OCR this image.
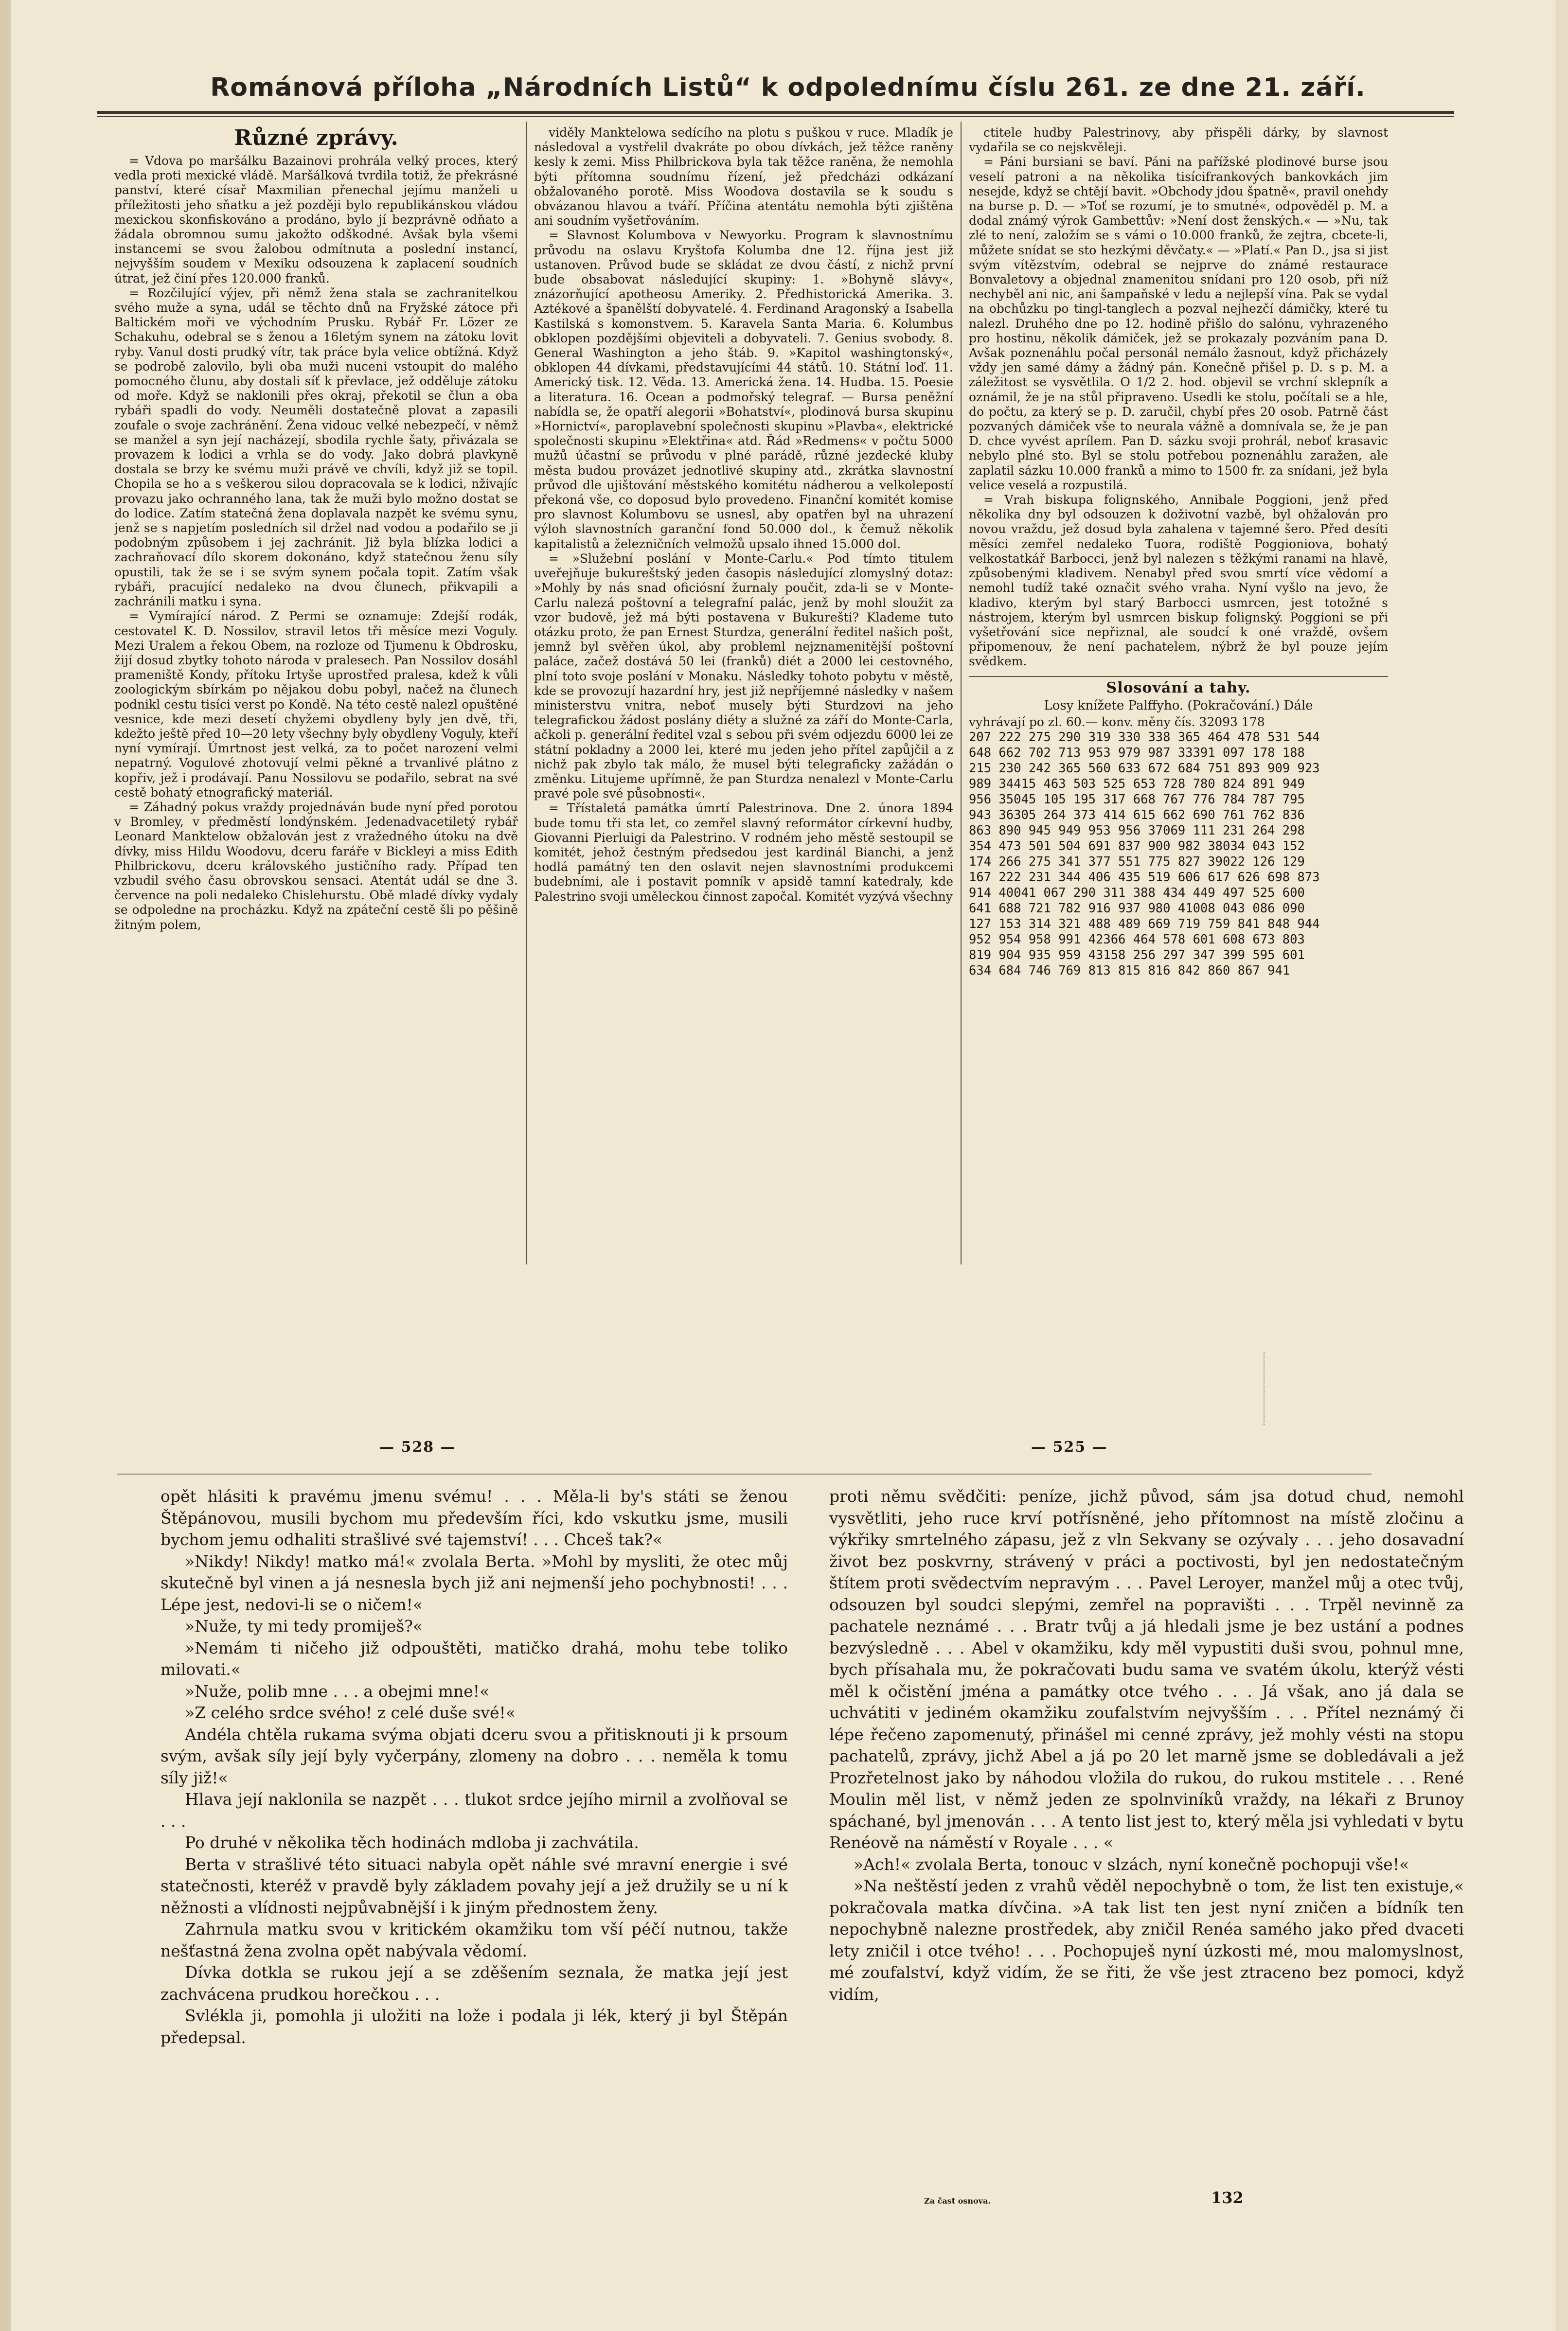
Románová příloha „Národních Listů“ k odpolednímu číslu 261. ze dne 21. září.
Různé zprávy.

= Vdova po maršálku Bazainovi prohrála velký proces, který vedla proti mexické vládě. Maršálková tvrdila totiž, že překrásné panství, které císař Maxmilian přenechal jejímu manželi u příležitosti jeho sňatku a jež později bylo republikánskou vládou mexickou skonfiskováno a prodáno, bylo jí bezprávně odňato a žádala obromnou sumu jakožto odškodné. Avšak byla všemi instancemi se svou žalobou odmítnuta a poslední instancí, nejvyšším soudem v Mexiku odsouzena k zaplacení soudních útrat, jež činí přes 120.000 franků.

= Rozčilující výjev, při němž žena stala se zachranitelkou svého muže a syna, udál se těchto dnů na Fryžské zátoce při Baltickém moři ve východním Prusku. Rybář Fr. Lözer ze Schakuhu, odebral se s ženou a 16letým synem na zátoku lovit ryby. Vanul dosti prudký vítr, tak práce byla velice obtížná. Když se podrobě zalovilo, byli oba muži nuceni vstoupit do malého pomocného člunu, aby dostali síť k převlace, jež oddělujе zátoku od moře. Když se naklonili přes okraj, překotil se člun a oba rybáři spadli do vody. Neuměli dostatečně plovat a zapasili zoufale o svoje zachránění. Žena vidouc velké nebezpečí, v němž se manžel a syn její nacházejí, sbodila rychle šaty, přivázala se provazem k lodici a vrhla se do vody. Jako dobrá plavkyně dostala se brzy ke svému muži právě ve chvíli, když již se topil. Chopila se ho a s veškerou silou dopracovala se k lodici, nživajíc provazu jako ochranného lana, tak že muži bylo možno dostat se do lodice. Zatím statečná žena doplavala nazpět ke svému synu, jenž se s napjetím posledních sil držel nad vodou a podařilo se ji podobným způsobem i jej zachránit. Již byla blízka lodici a zachraňovací dílo skorem dokonáno, když statečnou ženu síly opustili, tak že se i se svým synem počala topit. Zatím však rybáři, pracující nedaleko na dvou člunech, přikvapili a zachránili matku i syna.

= Vymírající národ. Z Permi se oznamuje: Zdejší rodák, cestovatel K. D. Nossilov, stravil letos tři měsíce mezi Voguly. Mezi Uralem a řekou Obem, na rozloze od Tjumenu k Obdrosku, žijí dosud zbytky tohoto národa v pralesech. Pan Nossilov dosáhl prameniště Kondy, přítoku Irtyše uprostřed pralesa, kdež k vůli zoologickým sbírkám po nějakou dobu pobyl, načež na člunech podnikl cestu tisíci verst po Kondě. Na této cestě nalezl opuštěné vesnice, kde mezi desetí chyžemi obydleny byly jen dvě, tři, kdežto ještě před 10—20 lety všechny byly obydleny Voguly, kteří nyní vymírají. Úmrtnost jest velká, za to počet narození velmi nepatrný. Vogulové zhotovují velmi pěkné a trvanlivé plátno z kopřiv, jež i prodávají. Panu Nossilovu se podařilo, sebrat na své cestě bohatý etnografický materiál.

= Záhadný pokus vraždy projednáván bude nyní před porotou v Bromley, v předměstí londýnském. Jedenadvacetiletý rybář Leonard Manktelow obžalován jest z vražedného útoku na dvě dívky, miss Hildu Woodovu, dceru faráře v Bickleyi a miss Edith Philbrickovu, dceru královského justičního rady. Případ ten vzbudil svého času obrovskou sensaci. Atentát udál se dne 3. července na poli nedaleko Chislehurstu. Obě mladé dívky vydaly se odpoledne na procházku. Když na zpáteční cestě šli po pěšině žitným polem,

viděly Manktelowa sedícího na plotu s puškou v ruce. Mladík je následoval a vystřelil dvakráte po obou dívkách, jež těžce raněny kesly k zemi. Miss Philbrickova byla tak těžce raněna, že nemohla býti přítomna soudnímu řízení, jež předcházi odkázaní obžalovaného porotě. Miss Woodova dostavila se k soudu s obvázanou hlavou a tváří. Příčina atentátu nemohla býti zjištěna ani soudním vyšetřováním.

= Slavnost Kolumbova v Newyorku. Program k slavnostnímu průvodu na oslavu Kryštofa Kolumba dne 12. října jest již ustanoven. Průvod bude se skládat ze dvou částí, z nichž první bude obsabovat následující skupiny: 1. »Bohyně slávy«, znázorňující apotheosu Ameriky. 2. Předhistorická Amerika. 3. Aztékové a španělští dobyvatelé. 4. Ferdinand Aragonský a Isabella Kastilská s komonstvem. 5. Karavela Santa Maria. 6. Kolumbus obklopen pozdějšími objeviteli a dobyvateli. 7. Genius svobody. 8. General Washington a jeho štáb. 9. »Kapitol washingtonský«, obklopen 44 dívkami, představujícími 44 států. 10. Státní loď. 11. Americký tisk. 12. Věda. 13. Americká žena. 14. Hudba. 15. Poesie a literatura. 16. Ocean a podmořský telegraf. — Bursa peněžní nabídla se, že opatří alegorii »Bohatství«, plodinová bursa skupinu »Hornictví«, paroplavební společnosti skupinu »Plavba«, elektrické společnosti skupinu »Elektřina« atd. Řád »Redmens« v počtu 5000 mužů účastní se průvodu v plné parádě, různé jezdecké kluby města budou provázet jednotlivé skupiny atd., zkrátka slavnostní průvod dle ujištování městského komitétu nádherou a velkolepostí překoná vše, co doposud bylo provedeno. Finanční komitét komise pro slavnost Kolumbovu se usnesl, aby opatřen byl na uhrazení výloh slavnostních garanční fond 50.000 dol., k čemuž několik kapitalistů a železničních velmožů upsalo ihned 15.000 dol.

= »Služební poslání v Monte-Carlu.« Pod tímto titulem uveřejňuje bukureštský jeden časopis následující zlomyslný dotaz: »Mohly by nás snad oficiósní žurnaly poučit, zda-li se v Monte-Carlu nalezá poštovní a telegrafní palác, jenž by mohl sloužit za vzor budově, jež má býti postavena v Bukurešti? Klademe tuto otázku proto, že pan Ernest Sturdza, generální ředitel našich pošt, jemnž byl svěřen úkol, aby probleml nejznamenitější poštovní paláce, začež dostává 50 lei (franků) diét a 2000 lei cestovného, plní toto svoje poslání v Monaku. Následky tohoto pobytu v městě, kde se provozují hazardní hry, jest již nepříjemné následky v našem ministerstvu vnitra, neboť musely býti Sturdzovi na jeho telegrafickou žádost poslány diéty a služné za září do Monte-Carla, ačkoli p. generální ředitel vzal s sebou při svém odjezdu 6000 lei ze státní pokladny a 2000 lei, které mu jeden jeho přítel zapůjčil a z nichž pak zbylo tak málo, že musel býti telegraficky zažádán o změnku. Litujeme upřímně, že pan Sturdza nenalezl v Monte-Carlu pravé pole své působnosti«.

= Třístaletá památka úmrtí Palestrinova. Dne 2. února 1894 bude tomu tři sta let, co zemřel slavný reformátor církevní hudby, Giovanni Pierluigi da Palestrino. V rodném jeho městě sestoupil se komitét, jehož čestným předsedou jest kardinál Bianchi, a jenž hodlá památný ten den oslavit nejen slavnostními produkcemi budebními, ale i postavit pomník v apsidě tamní katedraly, kde Palestrino svoji uměleckou činnost započal. Komitét vyzývá všechny

ctitele hudby Palestrinovy, aby přispěli dárky, by slavnost vydařila se co nejskvěleji.

= Páni bursiani se baví. Páni na pařížské plodinové burse jsou veselí patroni a na několika tisícifrankových bankovkách jim nesejde, když se chtějí bavit. »Obchody jdou špatně«, pravil onehdy na burse p. D. — »Toť se rozumí, je to smutné«, odpověděl p. M. a dodal známý výrok Gambettův: »Není dost ženských.« — »Nu, tak zlé to není, založím se s vámi o 10.000 franků, že zejtra, cbcete-li, můžete snídat se sto hezkými děvčaty.« — »Platí.« Pan D., jsa si jist svým vítězstvím, odebral se nejprve do známé restaurace Bonvaletovy a objednal znamenitou snídani pro 120 osob, při níž nechyběl ani nic, ani šampaňské v ledu a nejlepší vína. Pak se vydal na obchůzku po tingl-tanglech a pozval nejhezčí dámičky, které tu nalezl. Druhého dne po 12. hodině přišlo do salónu, vyhrazeného pro hostinu, několik dámiček, jež se prokazaly pozváním pana D. Avšak poznenáhlu počal personál nemálo žasnout, když přicházely vždy jen samé dámy a žádný pán. Konečně přišel p. D. s p. M. a záležitost se vysvětlila. O 1/2 2. hod. objevil se vrchní sklepník a oznámil, že je na stůl připraveno. Usedli ke stolu, počítali se a hle, do počtu, za který se p. D. zaručil, chybí přes 20 osob. Patrně část pozvaných dámiček vše to neurala vážně a domnívala se, že je pan D. chce vyvést aprílem. Pan D. sázku svoji prohrál, neboť krasavic nebylo plné sto. Byl se stolu potřebou poznenáhlu zaražen, ale zaplatil sázku 10.000 franků a mimo to 1500 fr. za snídani, jež byla velice veselá a rozpustilá.

= Vrah biskupa folignského, Annibale Poggioni, jenž před několika dny byl odsouzen k doživotní vazbě, byl ohžalován pro novou vraždu, jež dosud byla zahalena v tajemné šero. Před desíti měsíci zemřel nedaleko Tuora, rodiště Poggioniova, bohatý velkostatkář Barbocci, jenž byl nalezen s těžkými ranami na hlavě, způsobenými kladivem. Nenabyl před svou smrtí více vědomí a nemohl tudíž také označit svého vraha. Nyní vyšlo na jevo, že kladivo, kterým byl starý Barbocci usmrcen, jest totožné s nástrojem, kterým byl usmrcen biskup folignský. Poggioni se při vyšetřování sice nepřiznal, ale soudcí k oné vraždě, ovšem připomenouv, že není pachatelem, nýbrž že byl pouze jejím svědkem.

Slosování a tahy.
Losy knížete Palffyho. (Pokračování.) Dále
vyhrávají po zl. 60.— konv. měny čís. 32093 178
207 222 275 290 319 330 338 365 464 478 531 544
648 662 702 713 953 979 987 33391 097 178 188
215 230 242 365 560 633 672 684 751 893 909 923
989 34415 463 503 525 653 728 780 824 891 949
956 35045 105 195 317 668 767 776 784 787 795
943 36305 264 373 414 615 662 690 761 762 836
863 890 945 949 953 956 37069 111 231 264 298
354 473 501 504 691 837 900 982 38034 043 152
174 266 275 341 377 551 775 827 39022 126 129
167 222 231 344 406 435 519 606 617 626 698 873
914 40041 067 290 311 388 434 449 497 525 600
641 688 721 782 916 937 980 41008 043 086 090
127 153 314 321 488 489 669 719 759 841 848 944
952 954 958 991 42366 464 578 601 608 673 803
819 904 935 959 43158 256 297 347 399 595 601
634 684 746 769 813 815 816 842 860 867 941
— 528 —	— 525 —

opět hlásiti k pravému jmenu svému! . . . Měla-li by's státi se ženou Štěpánovou, musili bychom mu především říci, kdo vskutku jsme, musili bychom jemu odhaliti strašlivé své tajemství! . . . Chceš tak?«

»Nikdy! Nikdy! matko má!« zvolala Berta. »Mohl by mysliti, že otec můj skutečně byl vinen a já nesnesla bych již ani nejmenší jeho pochybnosti! . . . Lépe jest, nedovi-li se o ničem!«

»Nuže, ty mi tedy promiješ?«

»Nemám ti ničeho již odpouštěti, matičko drahá, mohu tebe toliko milovati.«

»Nuže, polib mne . . . a obejmi mne!«

»Z celého srdce svého! z celé duše své!«

Andéla chtěla rukama svýma objati dceru svou a přitisknouti ji k prsoum svým, avšak síly její byly vyčerpány, zlomeny na dobro . . . neměla k tomu síly již!«

Hlava její naklonila se nazpět . . . tlukot srdce jejího mirnil a zvolňoval se . . .

Po druhé v několika těch hodinách mdloba ji zachvátila.

Berta v strašlivé této situaci nabyla opět náhle své mravní energie i své statečnosti, kteréž v pravdě byly základem povahy její a jež družily se u ní k něžnosti a vlídnosti nejpůvabnější i k jiným přednostem ženy.

Zahrnula matku svou v kritickém okamžiku tom vší péčí nutnou, takže nešťastná žena zvolna opět nabývala vědomí.

Dívka dotkla se rukou její a se zděšením seznala, že matka její jest zachvácena prudkou horečkou . . .

Svlékla ji, pomohla ji uložiti na lože i podala ji lék, který ji byl Štěpán předepsal.

proti němu svědčiti: peníze, jichž původ, sám jsa dotud chud, nemohl vysvětliti, jeho ruce krví potřísněné, jeho přítomnost na místě zločinu a výkřiky smrtelného zápasu, jež z vln Sekvany se ozývaly . . . jeho dosavadní život bez poskvrny, strávený v práci a poctivosti, byl jen nedostatečným štítem proti svědectvím nepravým . . . Pavel Leroyer, manžel můj a otec tvůj, odsouzen byl soudci slepými, zemřel na popravišti . . . Trpěl nevinně za pachatele neznámé . . . Bratr tvůj a já hledali jsme je bez ustání a podnes bezvýsledně . . . Abel v okamžiku, kdy měl vypustiti duši svou, pohnul mne, bych přísahala mu, že pokračovati budu sama ve svatém úkolu, kterýž vésti měl k očistění jména a památky otce tvého . . . Já však, ano já dala se uchvátiti v jediném okamžiku zoufalstvím nejvyšším . . . Přítel neznámý či lépe řečeno zapomenutý, přinášel mi cenné zprávy, jež mohly vésti na stopu pachatelů, zprávy, jichž Abel a já po 20 let marně jsme se dobledávali a jež Prozřetelnost jako by náhodou vložila do rukou, do rukou mstitele . . . René Moulin měl list, v němž jeden ze spolnviníků vraždy, na lékaři z Brunoy spáchané, byl jmenován . . . A tento list jest to, který měla jsi vyhledati v bytu Renéově na náměstí v Royale . . . «

»Ach!« zvolala Berta, tonouc v slzách, nyní konečně pochopuji vše!«

»Na neštěstí jeden z vrahů věděl nepochybně o tom, že list ten existuje,« pokračovala matka dívčina. »A tak list ten jest nyní zničen a bídník ten nepochybně nalezne prostředek, aby zničil Renéa samého jako před dvaceti lety zničil i otce tvého! . . . Pochopuješ nyní úzkosti mé, mou malomyslnost, mé zoufalství, když vidím, že se řiti, že vše jest ztraceno bez pomoci, když vidím,

Za čast osnova.	132
